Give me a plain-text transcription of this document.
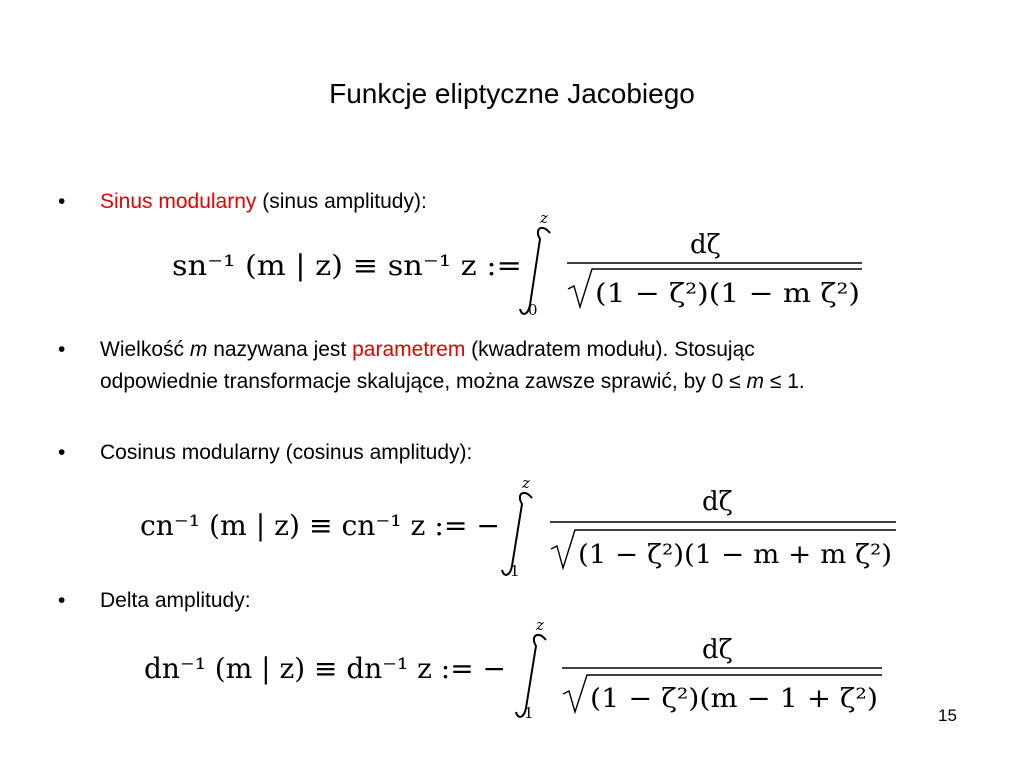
Funkcje eliptyczne Jacobiego
• Sinus modularny (sinus amplitudy):
sn⁻¹ (m | z) ≡ sn⁻¹ z :=
z
0
dζ
(1 − ζ²)(1 − m ζ²)
• Wielkość m nazywana jest parametrem (kwadratem modułu). Stosując
odpowiednie transformacje skalujące, można zawsze sprawić, by 0 ≤ m ≤ 1.
• Cosinus modularny (cosinus amplitudy):
cn⁻¹ (m | z) ≡ cn⁻¹ z := −
z
1
dζ
(1 − ζ²)(1 − m + m ζ²)
• Delta amplitudy:
dn⁻¹ (m | z) ≡ dn⁻¹ z := −
z
1
dζ
(1 − ζ²)(m − 1 + ζ²)
15
